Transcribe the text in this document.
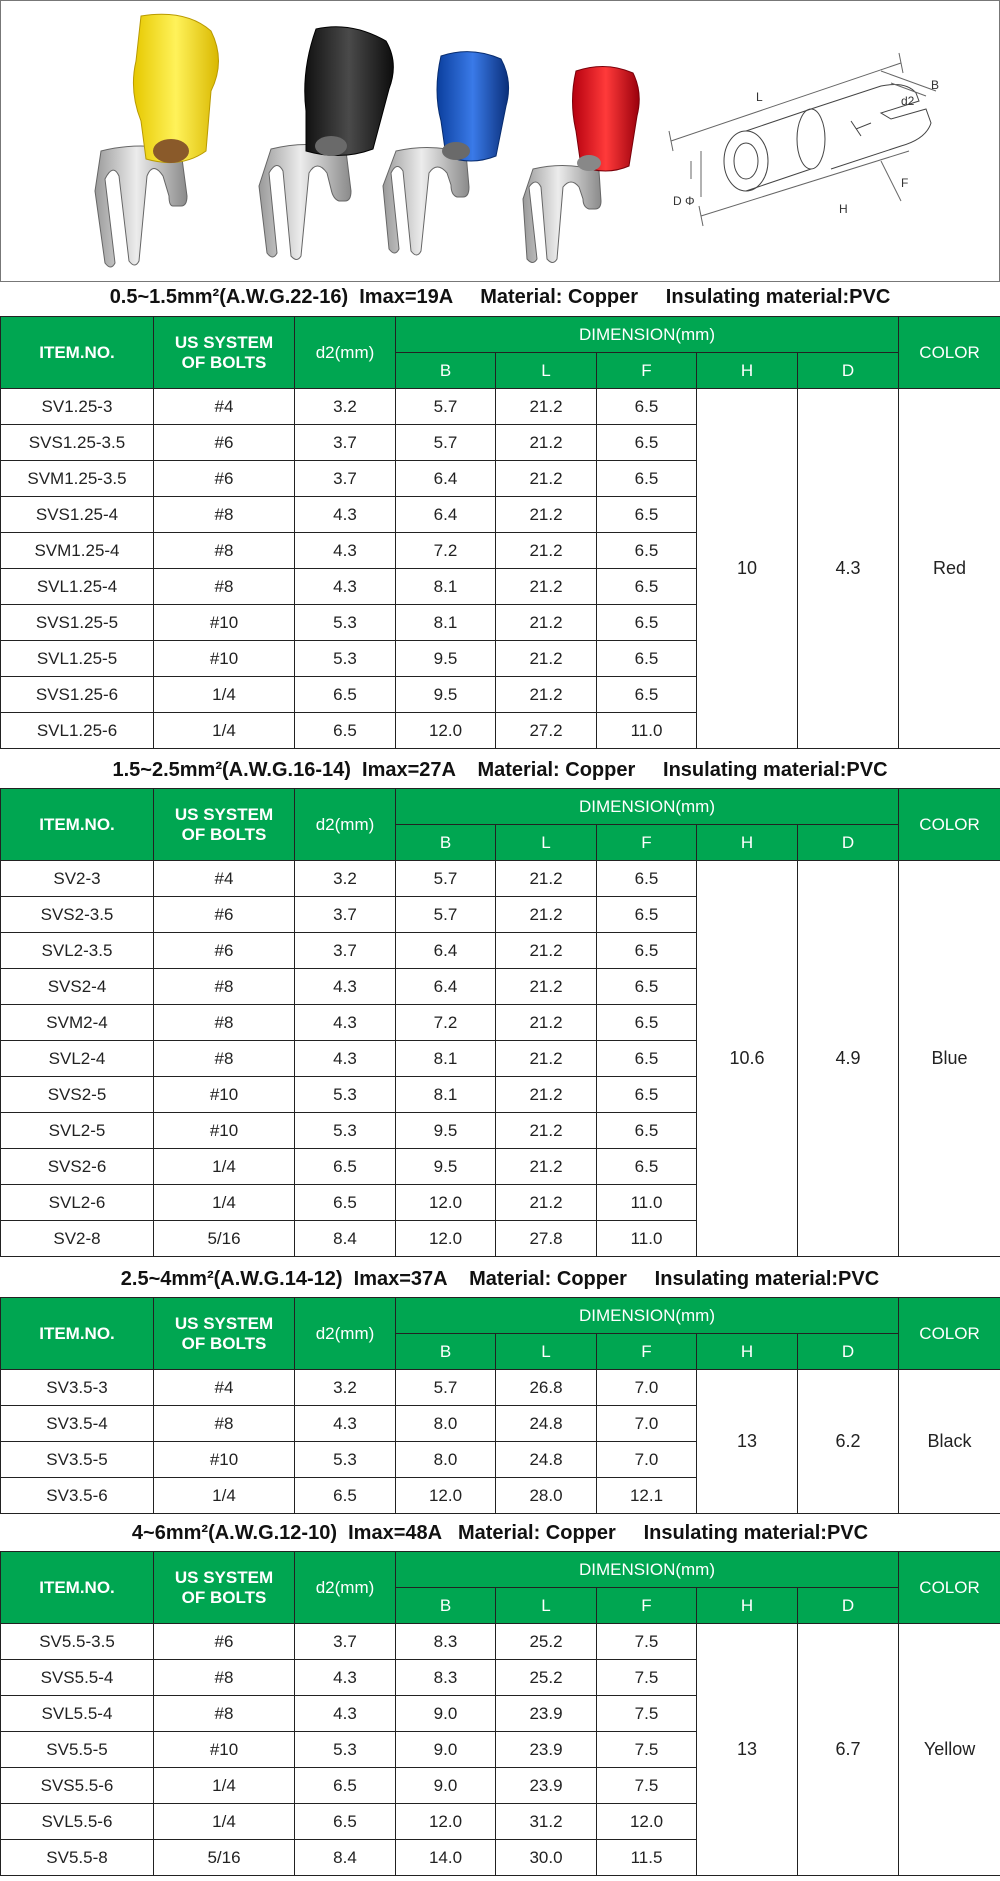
L
B
d2
F
H
D Φ
0.5~1.5mm²(A.W.G.22-16)  Imax=19A     Material: Copper     Insulating material:PVC
ITEM.NO.	US SYSTEM
OF BOLTS	d2(mm)	DIMENSION(mm)					COLOR
			B	L	F	H	D	
SV1.25-3	#4	3.2	5.7	21.2	6.5	10	4.3	Red
SVS1.25-3.5	#6	3.7	5.7	21.2	6.5			
SVM1.25-3.5	#6	3.7	6.4	21.2	6.5			
SVS1.25-4	#8	4.3	6.4	21.2	6.5			
SVM1.25-4	#8	4.3	7.2	21.2	6.5			
SVL1.25-4	#8	4.3	8.1	21.2	6.5			
SVS1.25-5	#10	5.3	8.1	21.2	6.5			
SVL1.25-5	#10	5.3	9.5	21.2	6.5			
SVS1.25-6	1/4	6.5	9.5	21.2	6.5			
SVL1.25-6	1/4	6.5	12.0	27.2	11.0			
1.5~2.5mm²(A.W.G.16-14)  Imax=27A    Material: Copper     Insulating material:PVC
ITEM.NO.	US SYSTEM
OF BOLTS	d2(mm)	DIMENSION(mm)					COLOR
			B	L	F	H	D	
SV2-3	#4	3.2	5.7	21.2	6.5	10.6	4.9	Blue
SVS2-3.5	#6	3.7	5.7	21.2	6.5			
SVL2-3.5	#6	3.7	6.4	21.2	6.5			
SVS2-4	#8	4.3	6.4	21.2	6.5			
SVM2-4	#8	4.3	7.2	21.2	6.5			
SVL2-4	#8	4.3	8.1	21.2	6.5			
SVS2-5	#10	5.3	8.1	21.2	6.5			
SVL2-5	#10	5.3	9.5	21.2	6.5			
SVS2-6	1/4	6.5	9.5	21.2	6.5			
SVL2-6	1/4	6.5	12.0	21.2	11.0			
SV2-8	5/16	8.4	12.0	27.8	11.0			
2.5~4mm²(A.W.G.14-12)  Imax=37A    Material: Copper     Insulating material:PVC
ITEM.NO.	US SYSTEM
OF BOLTS	d2(mm)	DIMENSION(mm)					COLOR
			B	L	F	H	D	
SV3.5-3	#4	3.2	5.7	26.8	7.0	13	6.2	Black
SV3.5-4	#8	4.3	8.0	24.8	7.0			
SV3.5-5	#10	5.3	8.0	24.8	7.0			
SV3.5-6	1/4	6.5	12.0	28.0	12.1			
4~6mm²(A.W.G.12-10)  Imax=48A   Material: Copper     Insulating material:PVC
ITEM.NO.	US SYSTEM
OF BOLTS	d2(mm)	DIMENSION(mm)					COLOR
			B	L	F	H	D	
SV5.5-3.5	#6	3.7	8.3	25.2	7.5	13	6.7	Yellow
SVS5.5-4	#8	4.3	8.3	25.2	7.5			
SVL5.5-4	#8	4.3	9.0	23.9	7.5			
SV5.5-5	#10	5.3	9.0	23.9	7.5			
SVS5.5-6	1/4	6.5	9.0	23.9	7.5			
SVL5.5-6	1/4	6.5	12.0	31.2	12.0			
SV5.5-8	5/16	8.4	14.0	30.0	11.5			
